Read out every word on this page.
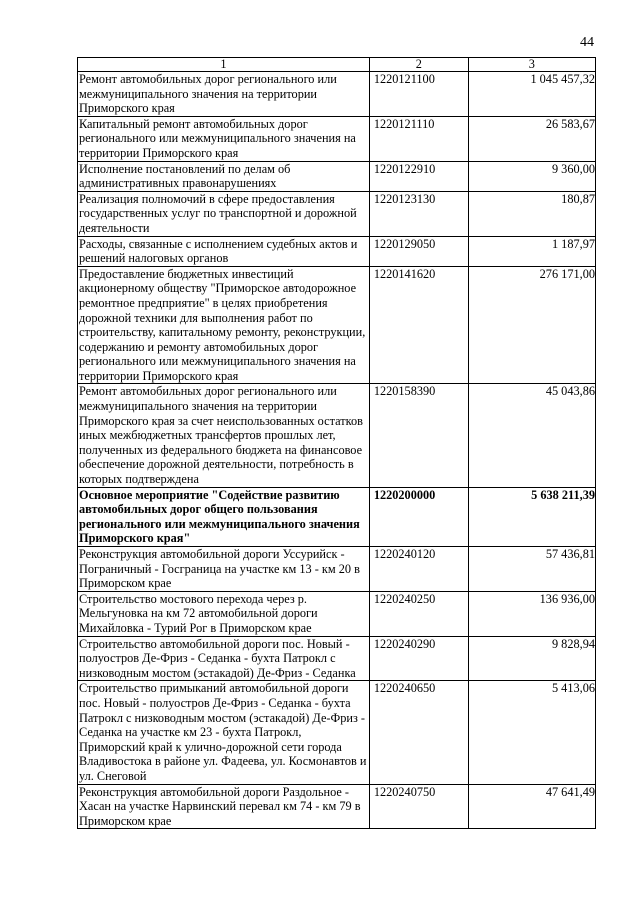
44
1	2	3
Ремонт автомобильных дорог регионального или межмуниципального значения на территории Приморского края	1220121100	1 045 457,32
Капитальный ремонт автомобильных дорог регионального или межмуниципального значения на территории Приморского края	1220121110	26 583,67
Исполнение постановлений по делам об административных правонарушениях	1220122910	9 360,00
Реализация полномочий в сфере предоставления государственных услуг по транспортной и дорожной деятельности	1220123130	180,87
Расходы, связанные с исполнением судебных актов и решений налоговых органов	1220129050	1 187,97
Предоставление бюджетных инвестиций акционерному обществу "Приморское автодорожное ремонтное предприятие" в целях приобретения дорожной техники для выполнения работ по строительству, капитальному ремонту, реконструкции, содержанию и ремонту автомобильных дорог регионального или межмуниципального значения на территории Приморского края	1220141620	276 171,00
Ремонт автомобильных дорог регионального или межмуниципального значения на территории Приморского края за счет неиспользованных остатков иных межбюджетных трансфертов прошлых лет, полученных из федерального бюджета на финансовое обеспечение дорожной деятельности, потребность в которых подтверждена	1220158390	45 043,86
Основное мероприятие "Содействие развитию автомобильных дорог общего пользования регионального или межмуниципального значения Приморского края"	1220200000	5 638 211,39
Реконструкция автомобильной дороги Уссурийск - Пограничный - Госграница на участке км 13 - км 20 в Приморском крае	1220240120	57 436,81
Строительство мостового перехода через р. Мельгуновка на км 72 автомобильной дороги Михайловка - Турий Рог в Приморском крае	1220240250	136 936,00
Строительство автомобильной дороги пос. Новый - полуостров Де-Фриз - Седанка - бухта Патрокл с низководным мостом (эстакадой) Де-Фриз - Седанка	1220240290	9 828,94
Строительство примыканий автомобильной дороги пос. Новый - полуостров Де-Фриз - Седанка - бухта Патрокл с низководным мостом (эстакадой) Де-Фриз - Седанка на участке км 23 - бухта Патрокл, Приморский край к улично-дорожной сети города Владивостока в районе ул. Фадеева, ул. Космонавтов и ул. Снеговой	1220240650	5 413,06
Реконструкция автомобильной дороги Раздольное - Хасан на участке Нарвинский перевал км 74 - км 79 в Приморском крае	1220240750	47 641,49
